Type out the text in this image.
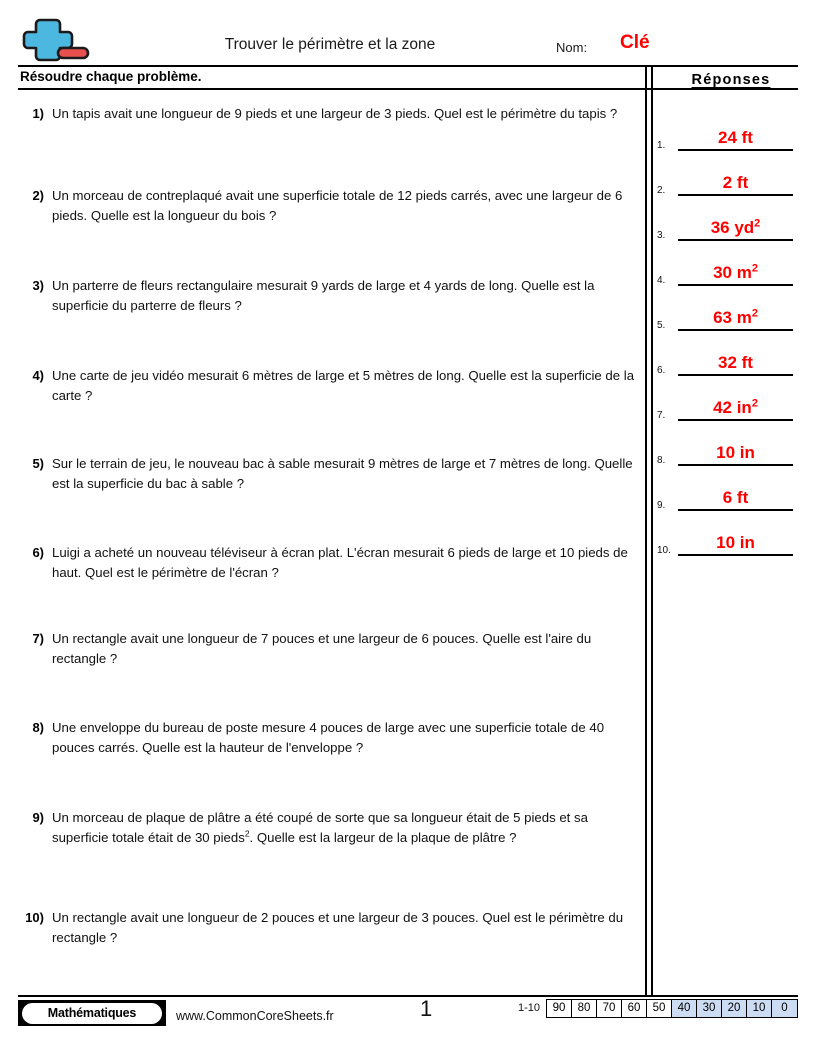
Trouver le périmètre et la zone	Nom: Clé
Résoudre chaque problème.
1) Un tapis avait une longueur de 9 pieds et une largeur de 3 pieds. Quel est le périmètre du tapis ?
2) Un morceau de contreplaqué avait une superficie totale de 12 pieds carrés, avec une largeur de 6 pieds. Quelle est la longueur du bois ?
3) Un parterre de fleurs rectangulaire mesurait 9 yards de large et 4 yards de long. Quelle est la superficie du parterre de fleurs ?
4) Une carte de jeu vidéo mesurait 6 mètres de large et 5 mètres de long. Quelle est la superficie de la carte ?
5) Sur le terrain de jeu, le nouveau bac à sable mesurait 9 mètres de large et 7 mètres de long. Quelle est la superficie du bac à sable ?
6) Luigi a acheté un nouveau téléviseur à écran plat. L'écran mesurait 6 pieds de large et 10 pieds de haut. Quel est le périmètre de l'écran ?
7) Un rectangle avait une longueur de 7 pouces et une largeur de 6 pouces. Quelle est l'aire du rectangle ?
8) Une enveloppe du bureau de poste mesure 4 pouces de large avec une superficie totale de 40 pouces carrés. Quelle est la hauteur de l'enveloppe ?
9) Un morceau de plaque de plâtre a été coupé de sorte que sa longueur était de 5 pieds et sa superficie totale était de 30 pieds$^2$. Quelle est la largeur de la plaque de plâtre ?
10) Un rectangle avait une longueur de 2 pouces et une largeur de 3 pouces. Quel est le périmètre du rectangle ?
Réponses
1.	24 ft
2.	2 ft
3.	36 $yd^2$
4.	30 $m^2$
5.	63 $m^2$
6.	32 ft
7.	42 $in^2$
8.	10 in
9.	6 ft
10.	10 in
Mathématiques	www.CommonCoreSheets.fr	1	1-10	90	80	70	60	50	40	30	20	10	0
